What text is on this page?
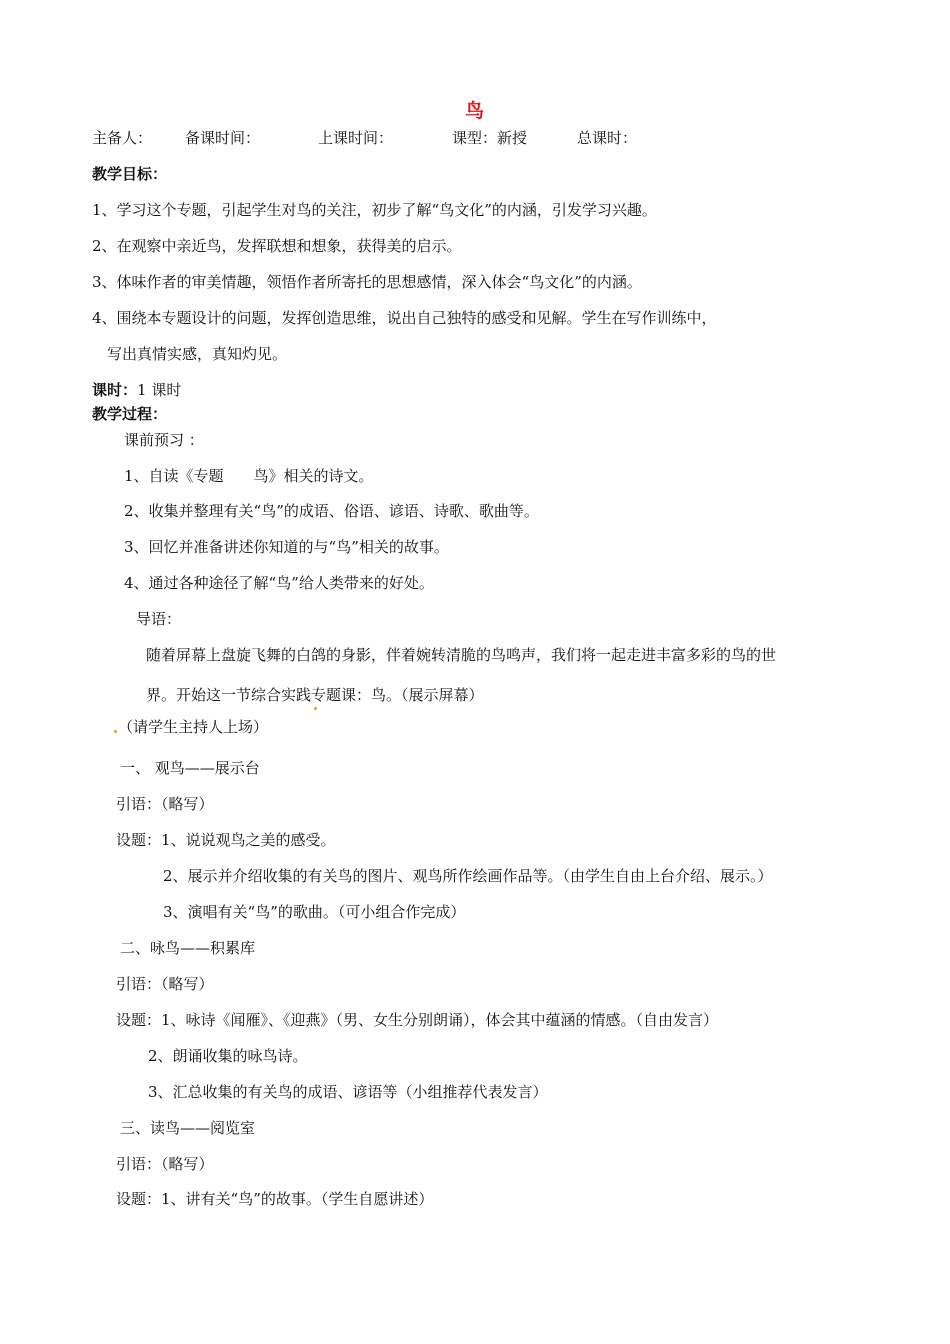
鸟
主备人： 备课时间：	上课时间：	课型：新授	总课时：
教学目标：
1、学习这个专题，引起学生对鸟的关注，初步了解“鸟文化”的内涵，引发学习兴趣。
2、在观察中亲近鸟，发挥联想和想象，获得美的启示。
3、体味作者的审美情趣，领悟作者所寄托的思想感情，深入体会“鸟文化”的内涵。
4、围绕本专题设计的问题，发挥创造思维，说出自己独特的感受和见解。学生在写作训练中，
写出真情实感，真知灼见。
课时：1 课时
教学过程：
课前预习 ：
1、自读《专题　　鸟》相关的诗文。
2、收集并整理有关“鸟”的成语、俗语、谚语、诗歌、歌曲等。
3、回忆并准备讲述你知道的与“鸟”相关的故事。
4、通过各种途径了解“鸟”给人类带来的好处。
导语：
随着屏幕上盘旋飞舞的白鸽的身影，伴着婉转清脆的鸟鸣声，我们将一起走进丰富多彩的鸟的世
界。开始这一节综合实践专题课：鸟。（展示屏幕）
（请学生主持人上场）
一、 观鸟——展示台
引语：（略写）
设题：1、说说观鸟之美的感受。
2、展示并介绍收集的有关鸟的图片、观鸟所作绘画作品等。（由学生自由上台介绍、展示。）
3、演唱有关“鸟”的歌曲。（可小组合作完成）
二、咏鸟——积累库
引语：（略写）
设题：1、咏诗《闻雁》、《迎燕》（男、女生分别朗诵），体会其中蕴涵的情感。（自由发言）
2、朗诵收集的咏鸟诗。
3、汇总收集的有关鸟的成语、谚语等（小组推荐代表发言）
三、读鸟——阅览室
引语：（略写）
设题：1、讲有关“鸟”的故事。（学生自愿讲述）
